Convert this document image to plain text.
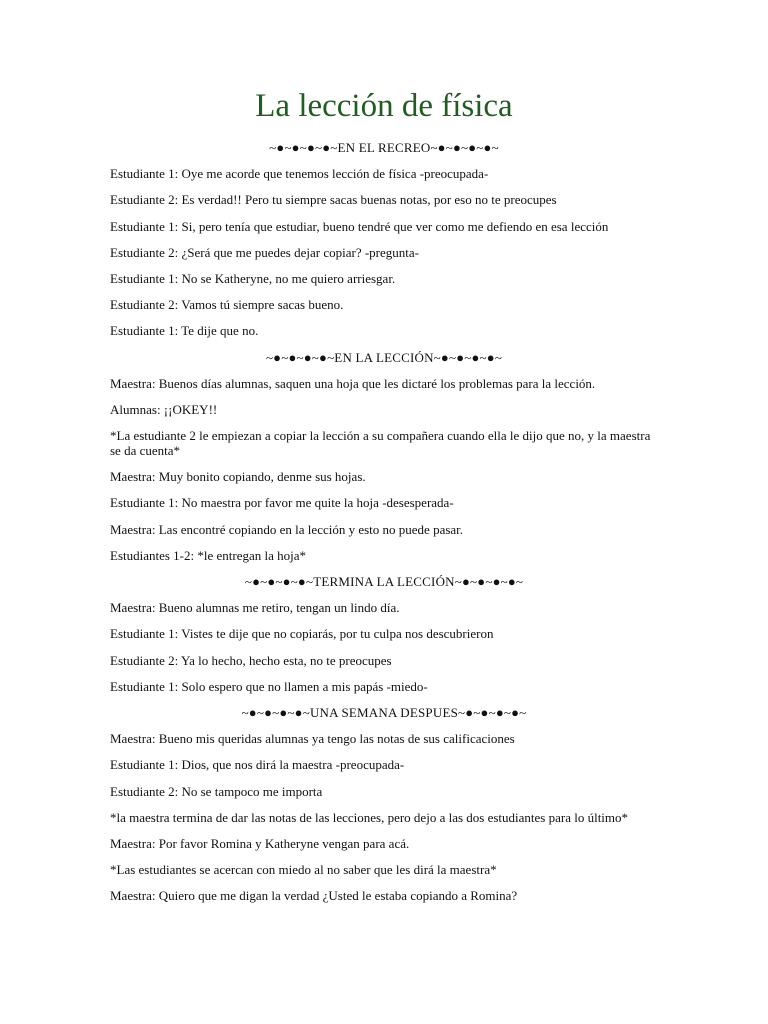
La lección de física

~●~●~●~●~EN EL RECREO~●~●~●~●~

Estudiante 1: Oye me acorde que tenemos lección de física -preocupada-

Estudiante 2: Es verdad!! Pero tu siempre sacas buenas notas, por eso no te preocupes

Estudiante 1: Si, pero tenía que estudiar, bueno tendré que ver como me defiendo en esa lección

Estudiante 2: ¿Será que me puedes dejar copiar? -pregunta-

Estudiante 1: No se Katheryne, no me quiero arriesgar.

Estudiante 2: Vamos tú siempre sacas bueno.

Estudiante 1: Te dije que no.

~●~●~●~●~EN LA LECCIÓN~●~●~●~●~

Maestra: Buenos días alumnas, saquen una hoja que les dictaré los problemas para la lección.

Alumnas: ¡¡OKEY!!

*La estudiante 2 le empiezan a copiar la lección a su compañera cuando ella le dijo que no, y la maestra se da cuenta*

Maestra: Muy bonito copiando, denme sus hojas.

Estudiante 1: No maestra por favor me quite la hoja -desesperada-

Maestra: Las encontré copiando en la lección y esto no puede pasar.

Estudiantes 1-2: *le entregan la hoja*

~●~●~●~●~TERMINA LA LECCIÓN~●~●~●~●~

Maestra: Bueno alumnas me retiro, tengan un lindo día.

Estudiante 1: Vistes te dije que no copiarás, por tu culpa nos descubrieron

Estudiante 2: Ya lo hecho, hecho esta, no te preocupes

Estudiante 1: Solo espero que no llamen a mis papás -miedo-

~●~●~●~●~UNA SEMANA DESPUES~●~●~●~●~

Maestra: Bueno mis queridas alumnas ya tengo las notas de sus calificaciones

Estudiante 1: Dios, que nos dirá la maestra -preocupada-

Estudiante 2: No se tampoco me importa

*la maestra termina de dar las notas de las lecciones, pero dejo a las dos estudiantes para lo último*

Maestra: Por favor Romina y Katheryne vengan para acá.

*Las estudiantes se acercan con miedo al no saber que les dirá la maestra*

Maestra: Quiero que me digan la verdad ¿Usted le estaba copiando a Romina?
